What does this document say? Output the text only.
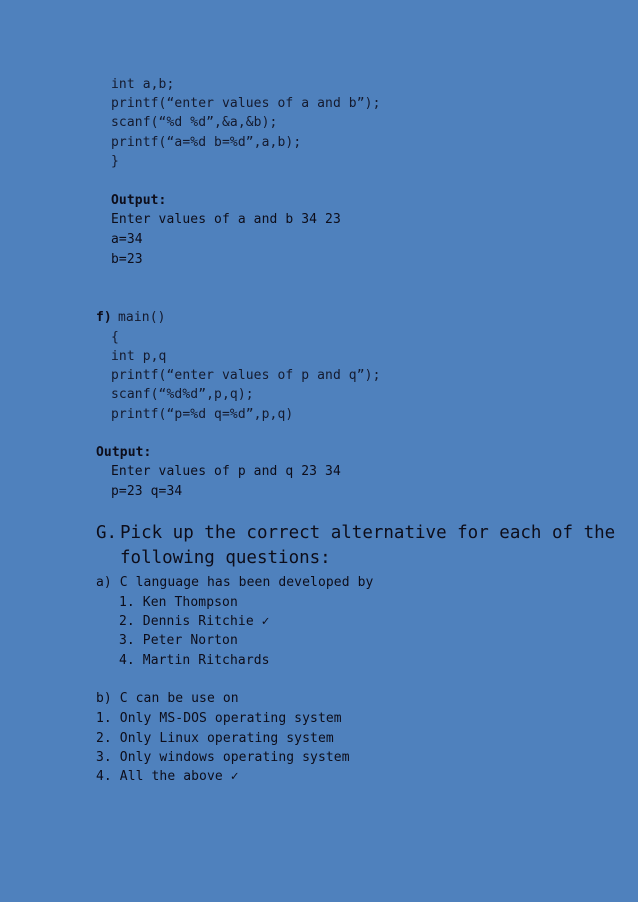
int a,b;
printf(“enter values of a and b”);
scanf(“%d %d”,&a,&b);
printf(“a=%d b=%d”,a,b);
}
Output:
Enter values of a and b 34 23
a=34
b=23
f) main()
{
int p,q
printf(“enter values of p and q”);
scanf(“%d%d”,p,q);
printf(“p=%d q=%d”,p,q)
Output:
Enter values of p and q 23 34
p=23 q=34
G. Pick up the correct alternative for each of the
following questions:
a) C language has been developed by
1. Ken Thompson
2. Dennis Ritchie ✓
3. Peter Norton
4. Martin Ritchards
b) C can be use on
1. Only MS-DOS operating system
2. Only Linux operating system
3. Only windows operating system
4. All the above ✓
